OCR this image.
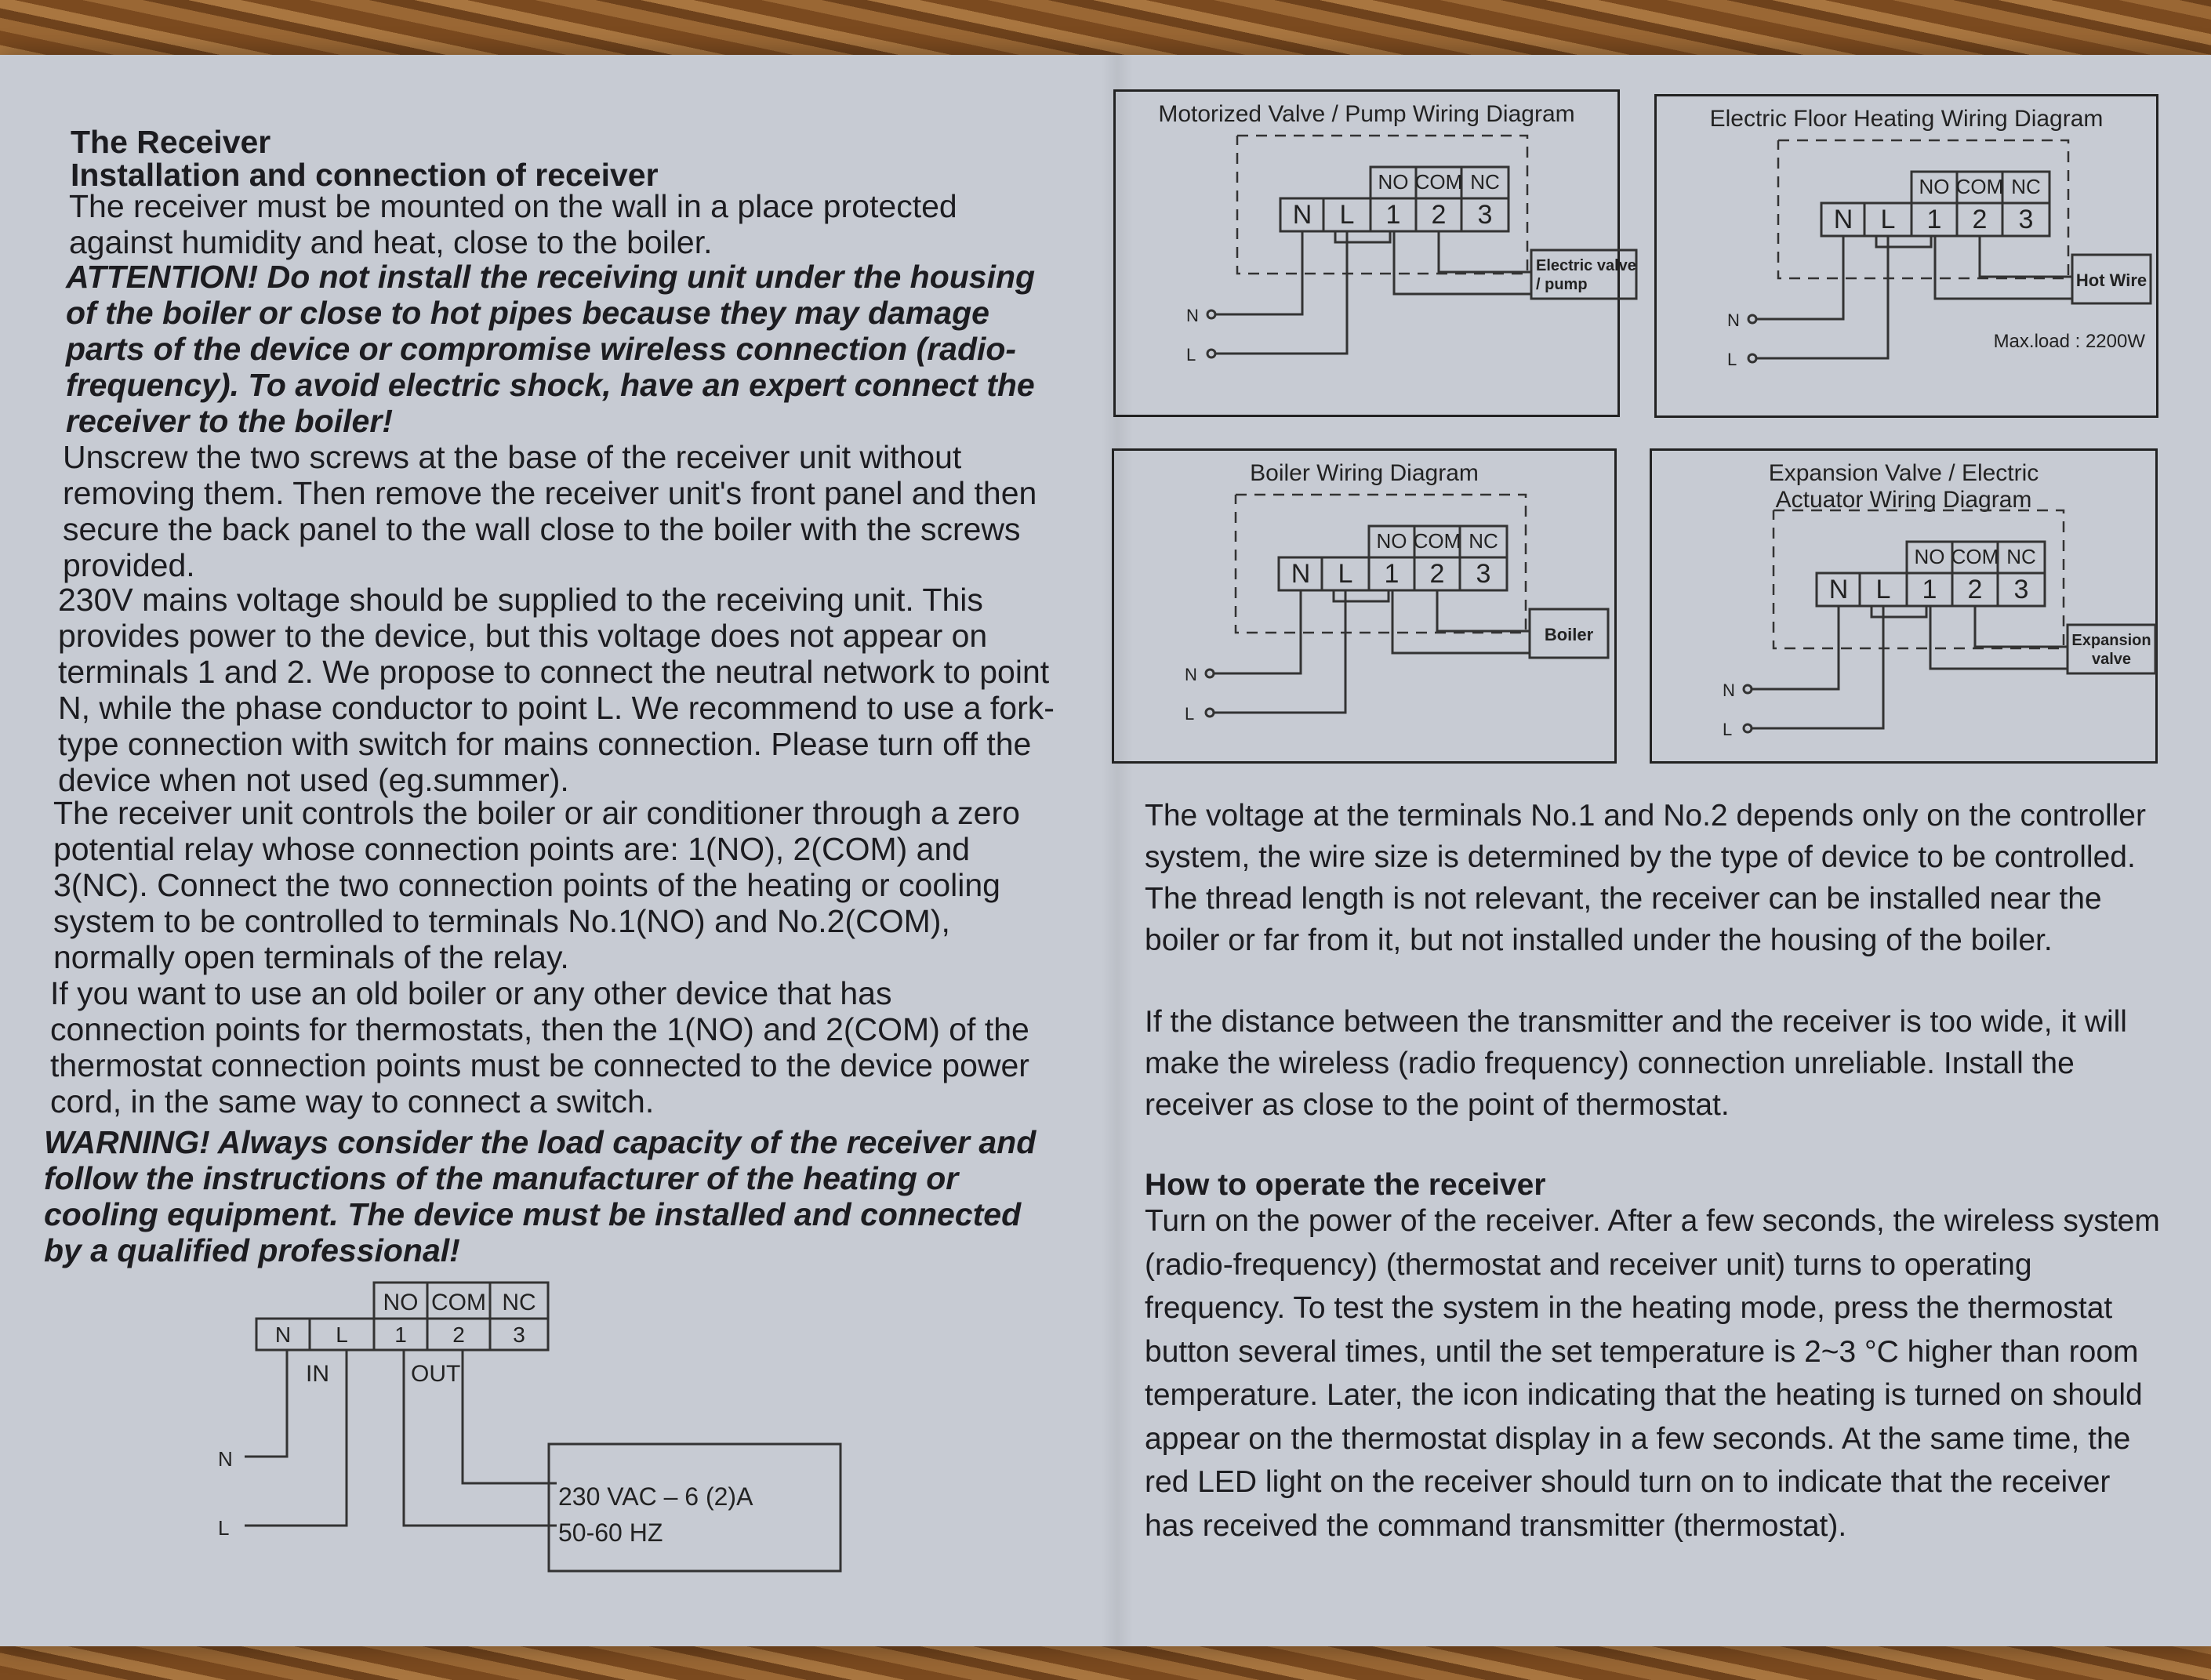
The Receiver
Installation and connection of receiver
The receiver must be mounted on the wall in a place protected against humidity and heat, close to the boiler.
ATTENTION! Do not install the receiving unit under the housing of the boiler or close to hot pipes because they may damage parts of the device or compromise wireless connection (radio-frequency). To avoid electric shock, have an expert connect the receiver to the boiler!
Unscrew the two screws at the base of the receiver unit without removing them. Then remove the receiver unit's front panel and then secure the back panel to the wall close to the boiler with the screws provided.
230V mains voltage should be supplied to the receiving unit. This provides power to the device, but this voltage does not appear on terminals 1 and 2. We propose to connect the neutral network to point N, while the phase conductor to point L. We recommend to use a fork-type connection with switch for mains connection. Please turn off the device when not used (eg.summer).
The receiver unit controls the boiler or air conditioner through a zero potential relay whose connection points are: 1(NO), 2(COM) and 3(NC). Connect the two connection points of the heating or cooling system to be controlled to terminals No.1(NO) and No.2(COM), normally open terminals of the relay.
If you want to use an old boiler or any other device that has connection points for thermostats, then the 1(NO) and 2(COM) of the thermostat connection points must be connected to the device power cord, in the same way to connect a switch.
WARNING! Always consider the load capacity of the receiver and follow the instructions of the manufacturer of the heating or cooling equipment. The device must be installed and connected by a qualified professional!
NO COM NC
N L 1 2 3
IN	OUT
N
L
230 VAC – 6 (2)A
50-60 HZ
Motorized Valve / Pump Wiring Diagram
NO COM NC
N L 1 2 3
N
L
Electric valve
/ pump
Electric Floor Heating Wiring Diagram
NO COM NC
N L 1 2 3
N
L
Hot Wire
Max.load : 2200W
Boiler Wiring Diagram
NO COM NC
N L 1 2 3
N
L
Boiler
Expansion Valve / Electric Actuator Wiring Diagram
NO COM NC
N L 1 2 3
N
L
Expansion
valve
The voltage at the terminals No.1 and No.2 depends only on the controller system, the wire size is determined by the type of device to be controlled. The thread length is not relevant, the receiver can be installed near the boiler or far from it, but not installed under the housing of the boiler.
If the distance between the transmitter and the receiver is too wide, it will make the wireless (radio frequency) connection unreliable. Install the receiver as close to the point of thermostat.
How to operate the receiver
Turn on the power of the receiver. After a few seconds, the wireless system (radio-frequency) (thermostat and receiver unit) turns to operating frequency. To test the system in the heating mode, press the thermostat button several times, until the set temperature is 2~3 °C higher than room temperature. Later, the icon indicating that the heating is turned on should appear on the thermostat display in a few seconds. At the same time, the red LED light on the receiver should turn on to indicate that the receiver has received the command transmitter (thermostat).
